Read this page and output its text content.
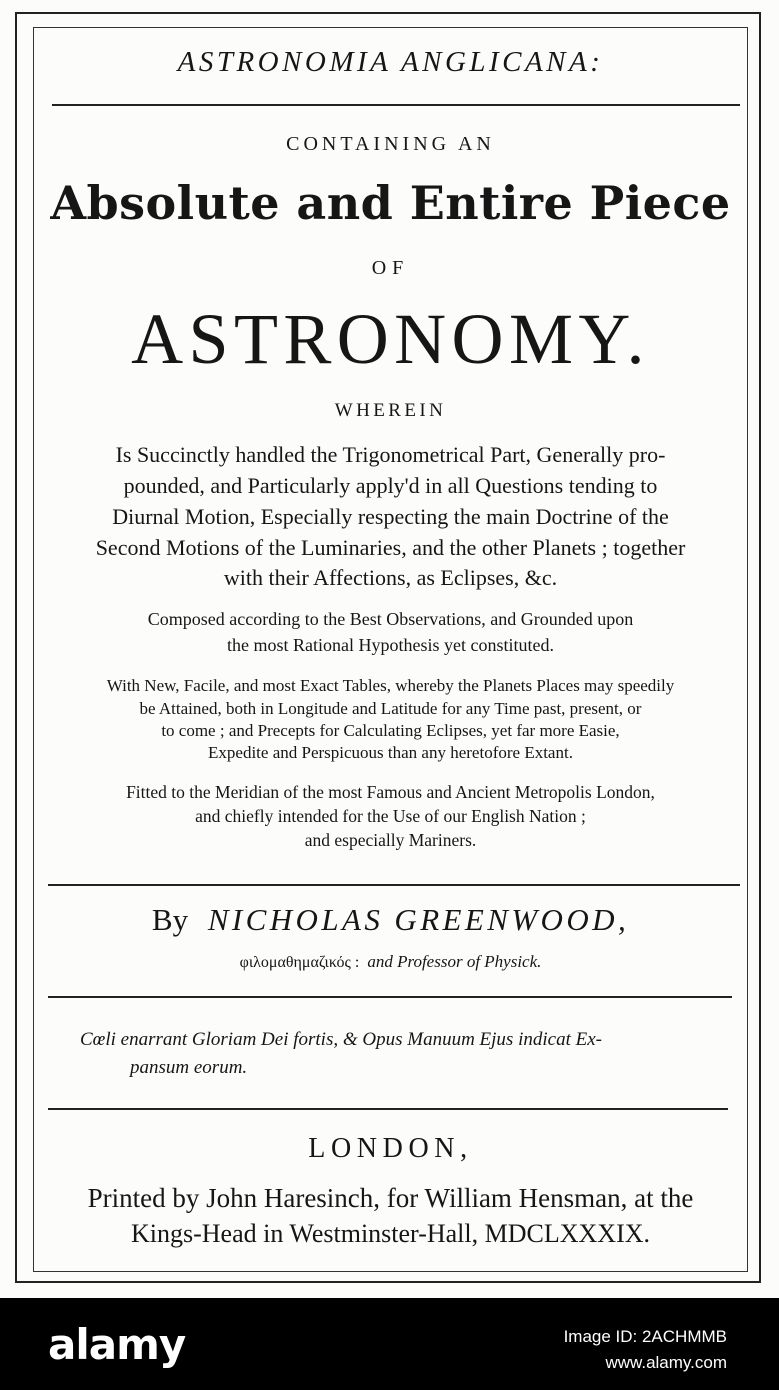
ASTRONOMIA ANGLICANA:
CONTAINING AN
Absolute and Entire Piece
OF
ASTRONOMY.
WHEREIN
Is Succinctly handled the Trigonometrical Part, Generally pro-
pounded, and Particularly apply'd in all Questions tending to
Diurnal Motion, Especially respecting the main Doctrine of the
Second Motions of the Luminaries, and the other Planets ; together
with their Affections, as Eclipses, &c.
Composed according to the Best Observations, and Grounded upon
the most Rational Hypothesis yet constituted.
With New, Facile, and most Exact Tables, whereby the Planets Places may speedily
be Attained, both in Longitude and Latitude for any Time past, present, or
to come ; and Precepts for Calculating Eclipses, yet far more Easie,
Expedite and Perspicuous than any heretofore Extant.
Fitted to the Meridian of the most Famous and Ancient Metropolis London,
and chiefly intended for the Use of our English Nation ;
and especially Mariners.
By NICHOLAS GREENWOOD,
φιλομαθημαζικός : and Professor of Physick.
Cœli enarrant Gloriam Dei fortis, & Opus Manuum Ejus indicat Ex-
pansum eorum.
LONDON,
Printed by John Haresinch, for William Hensman, at the
Kings-Head in Westminster-Hall, MDCLXXXIX.
alamy	Image ID: 2ACHMMB
www.alamy.com
